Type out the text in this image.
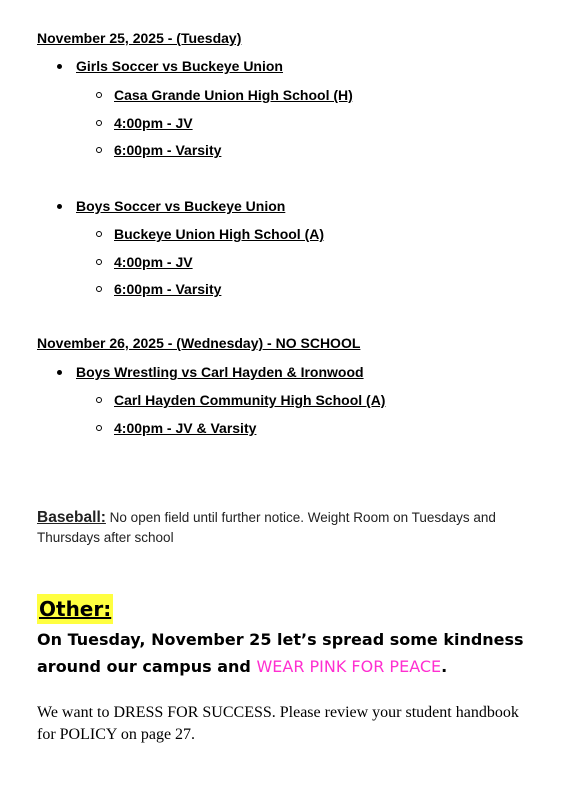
November 25, 2025 - (Tuesday)
Girls Soccer vs Buckeye Union
Casa Grande Union High School (H)
4:00pm - JV
6:00pm - Varsity
Boys Soccer vs Buckeye Union
Buckeye Union High School (A)
4:00pm - JV
6:00pm - Varsity
November 26, 2025 - (Wednesday) - NO SCHOOL
Boys Wrestling vs Carl Hayden & Ironwood
Carl Hayden Community High School (A)
4:00pm - JV & Varsity
Baseball: No open field until further notice. Weight Room on Tuesdays and Thursdays after school
Other:
On Tuesday, November 25 let’s spread some kindness around our campus and WEAR PINK FOR PEACE.
We want to DRESS FOR SUCCESS. Please review your student handbook for POLICY on page 27.
